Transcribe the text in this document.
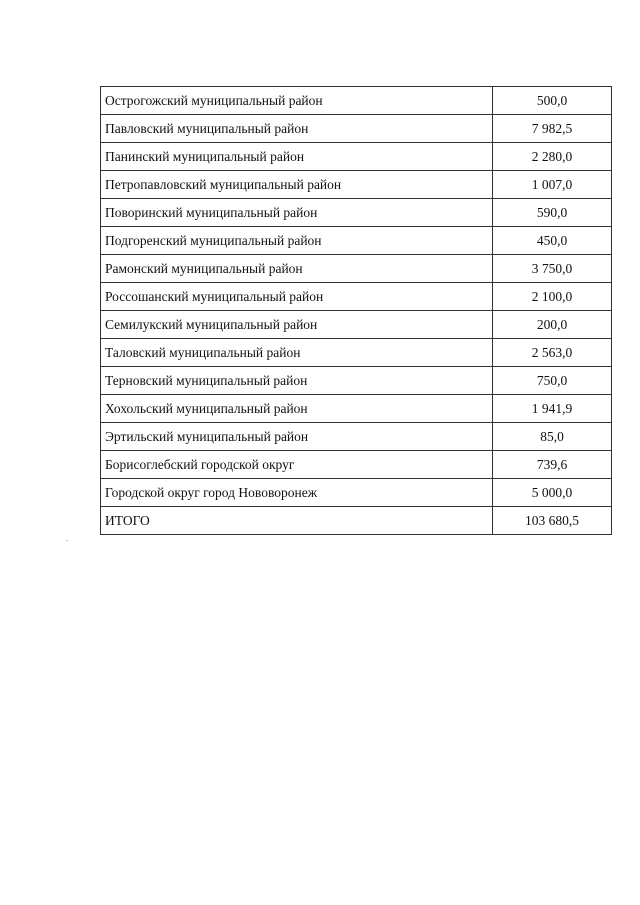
Острогожский муниципальный район	500,0
Павловский муниципальный район	7 982,5
Панинский муниципальный район	2 280,0
Петропавловский муниципальный район	1 007,0
Поворинский муниципальный район	590,0
Подгоренский муниципальный район	450,0
Рамонский муниципальный район	3 750,0
Россошанский муниципальный район	2 100,0
Семилукский муниципальный район	200,0
Таловский муниципальный район	2 563,0
Терновский муниципальный район	750,0
Хохольский муниципальный район	1 941,9
Эртильский муниципальный район	85,0
Борисоглебский городской округ	739,6
Городской округ город Нововоронеж	5 000,0
ИТОГО	103 680,5
